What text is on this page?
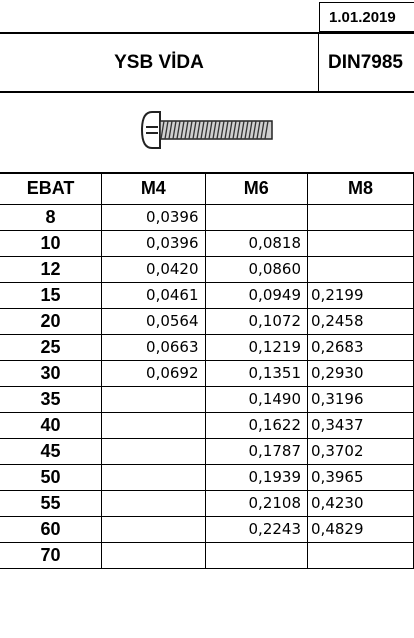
1.01.2019
YSB VİDA	DIN7985
EBAT	M4	M6	M8
8	0,0396		
10	0,0396	0,0818	
12	0,0420	0,0860	
15	0,0461	0,0949	0,2199
20	0,0564	0,1072	0,2458
25	0,0663	0,1219	0,2683
30	0,0692	0,1351	0,2930
35		0,1490	0,3196
40		0,1622	0,3437
45		0,1787	0,3702
50		0,1939	0,3965
55		0,2108	0,4230
60		0,2243	0,4829
70			
